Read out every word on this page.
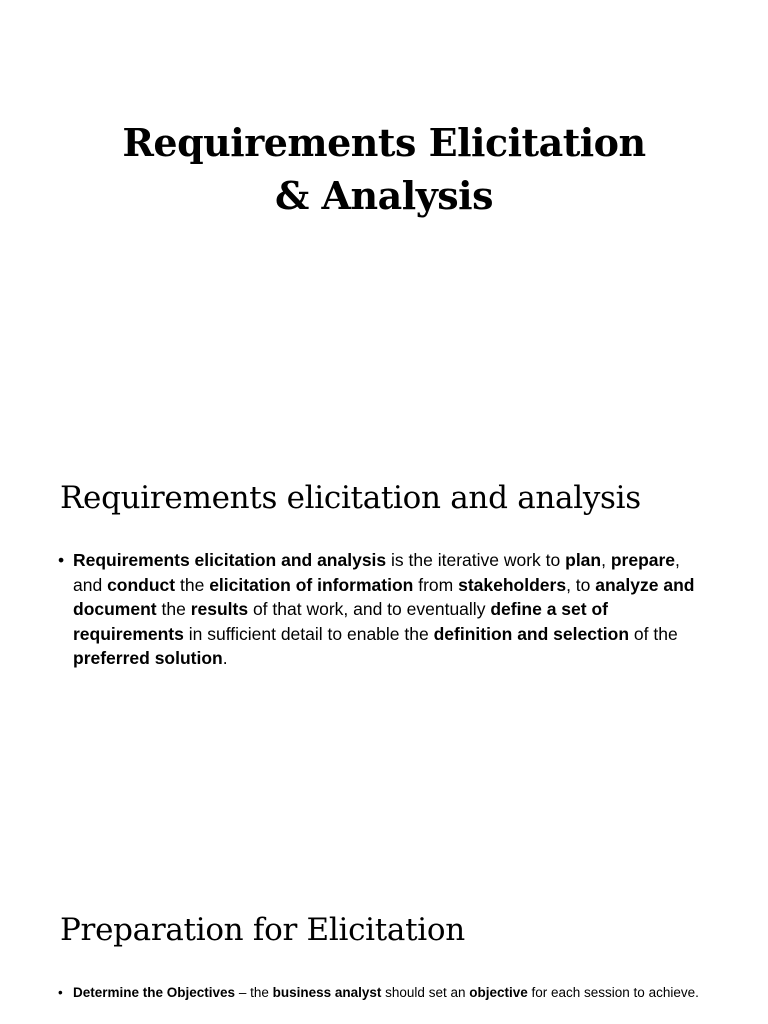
Requirements Elicitation
& Analysis
Requirements elicitation and analysis
• Requirements elicitation and analysis is the iterative work to plan, prepare, and conduct the elicitation of information from stakeholders, to analyze and document the results of that work, and to eventually define a set of requirements in sufficient detail to enable the definition and selection of the preferred solution.
Preparation for Elicitation
• Determine the Objectives – the business analyst should set an objective for each session to achieve.
